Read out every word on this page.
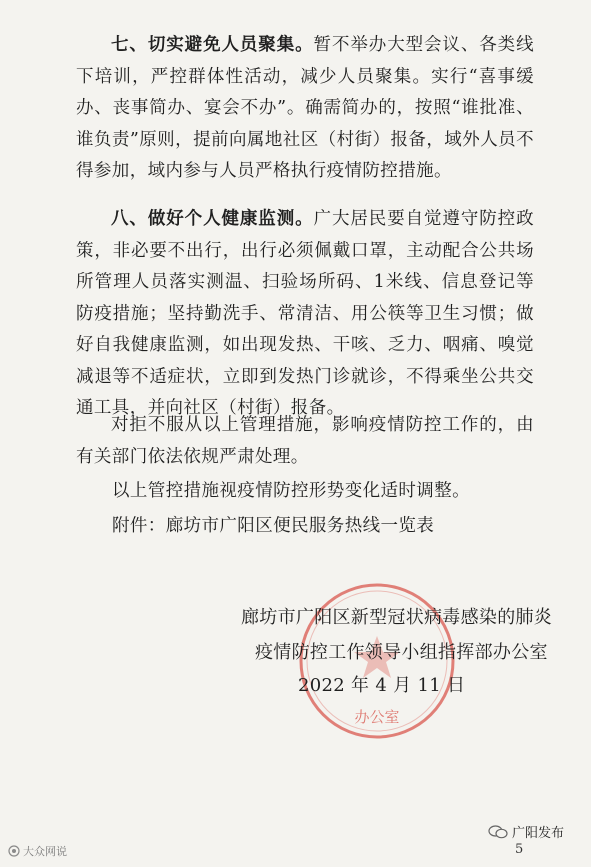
七、切实避免人员聚集。暂不举办大型会议、各类线下培训，严控群体性活动，减少人员聚集。实行“喜事缓办、丧事简办、宴会不办”。确需简办的，按照“谁批准、谁负责”原则，提前向属地社区（村街）报备，域外人员不得参加，域内参与人员严格执行疫情防控措施。
八、做好个人健康监测。广大居民要自觉遵守防控政策，非必要不出行，出行必须佩戴口罩，主动配合公共场所管理人员落实测温、扫验场所码、1米线、信息登记等防疫措施；坚持勤洗手、常清洁、用公筷等卫生习惯；做好自我健康监测，如出现发热、干咳、乏力、咽痛、嗅觉减退等不适症状，立即到发热门诊就诊，不得乘坐公共交通工具，并向社区（村街）报备。
对拒不服从以上管理措施，影响疫情防控工作的，由有关部门依法依规严肃处理。
以上管控措施视疫情防控形势变化适时调整。
附件：廊坊市广阳区便民服务热线一览表
办公室
廊坊市广阳区新型冠状病毒感染的肺炎
疫情防控工作领导小组指挥部办公室
2022 年 4 月 11 日
大众网说
广阳发布
5
